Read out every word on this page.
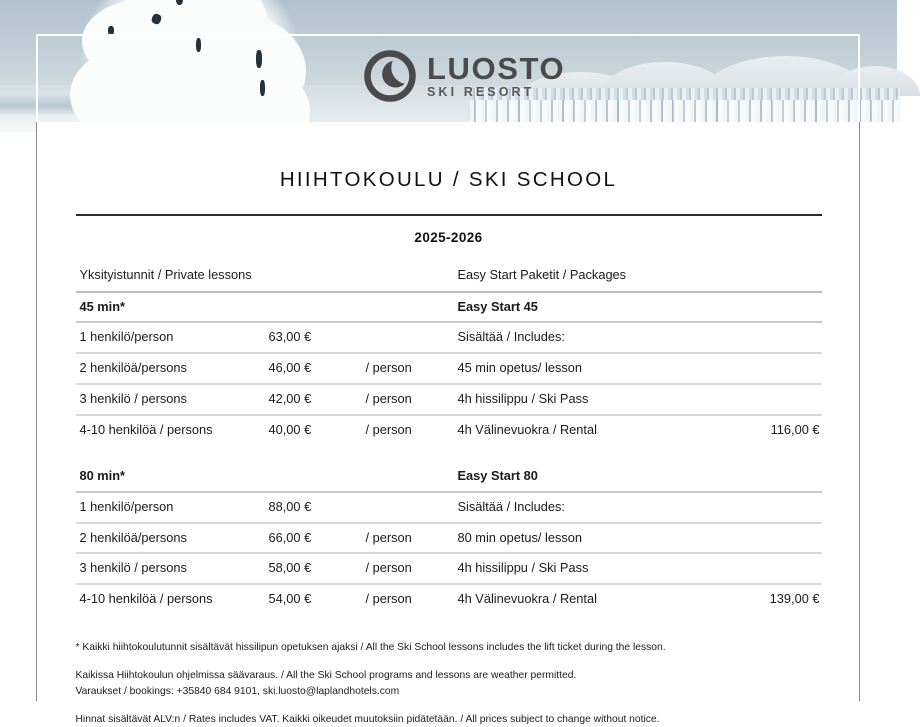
LUOSTO
SKI RESORT
HIIHTOKOULU / SKI SCHOOL
2025-2026
Yksityistunnit / Private lessons			Easy Start Paketit / Packages	
45 min*			Easy Start 45	
1 henkilö/person	63,00 €		Sisältää / Includes:	
2 henkilöä/persons	46,00 €	/ person	45 min opetus/ lesson	
3 henkilö / persons	42,00 €	/ person	4h hissilippu / Ski Pass	
4-10 henkilöä / persons	40,00 €	/ person	4h Välinevuokra / Rental	116,00 €

80 min*			Easy Start 80	
1 henkilö/person	88,00 €		Sisältää / Includes:	
2 henkilöä/persons	66,00 €	/ person	80 min opetus/ lesson	
3 henkilö / persons	58,00 €	/ person	4h hissilippu / Ski Pass	
4-10 henkilöä / persons	54,00 €	/ person	4h Välinevuokra / Rental	139,00 €

* Kaikki hiihtokoulutunnit sisältävät hissilipun opetuksen ajaksi / All the Ski School lessons includes the lift ticket during the lesson.

Kaikissa Hiihtokoulun ohjelmissa säävaraus. / All the Ski School programs and lessons are weather permitted.

Varaukset / bookings: +35840 684 9101, ski.luosto@laplandhotels.com

Hinnat sisältävät ALV:n / Rates includes VAT. Kaikki oikeudet muutoksiin pidätetään. / All prices subject to change without notice.
